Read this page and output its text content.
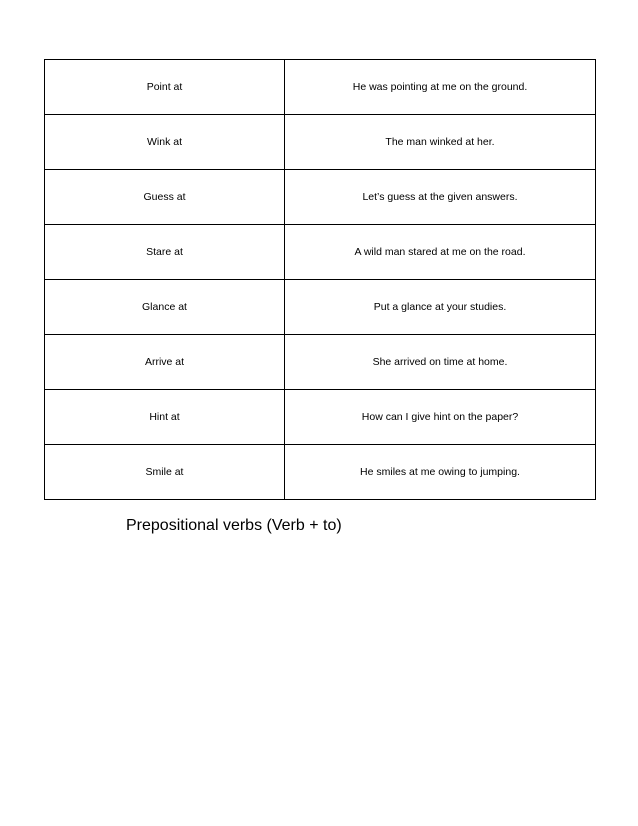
Point at	He was pointing at me on the ground.
Wink at	The man winked at her.
Guess at	Let’s guess at the given answers.
Stare at	A wild man stared at me on the road.
Glance at	Put a glance at your studies.
Arrive at	She arrived on time at home.
Hint at	How can I give hint on the paper?
Smile at	He smiles at me owing to jumping.
Prepositional verbs (Verb + to)
